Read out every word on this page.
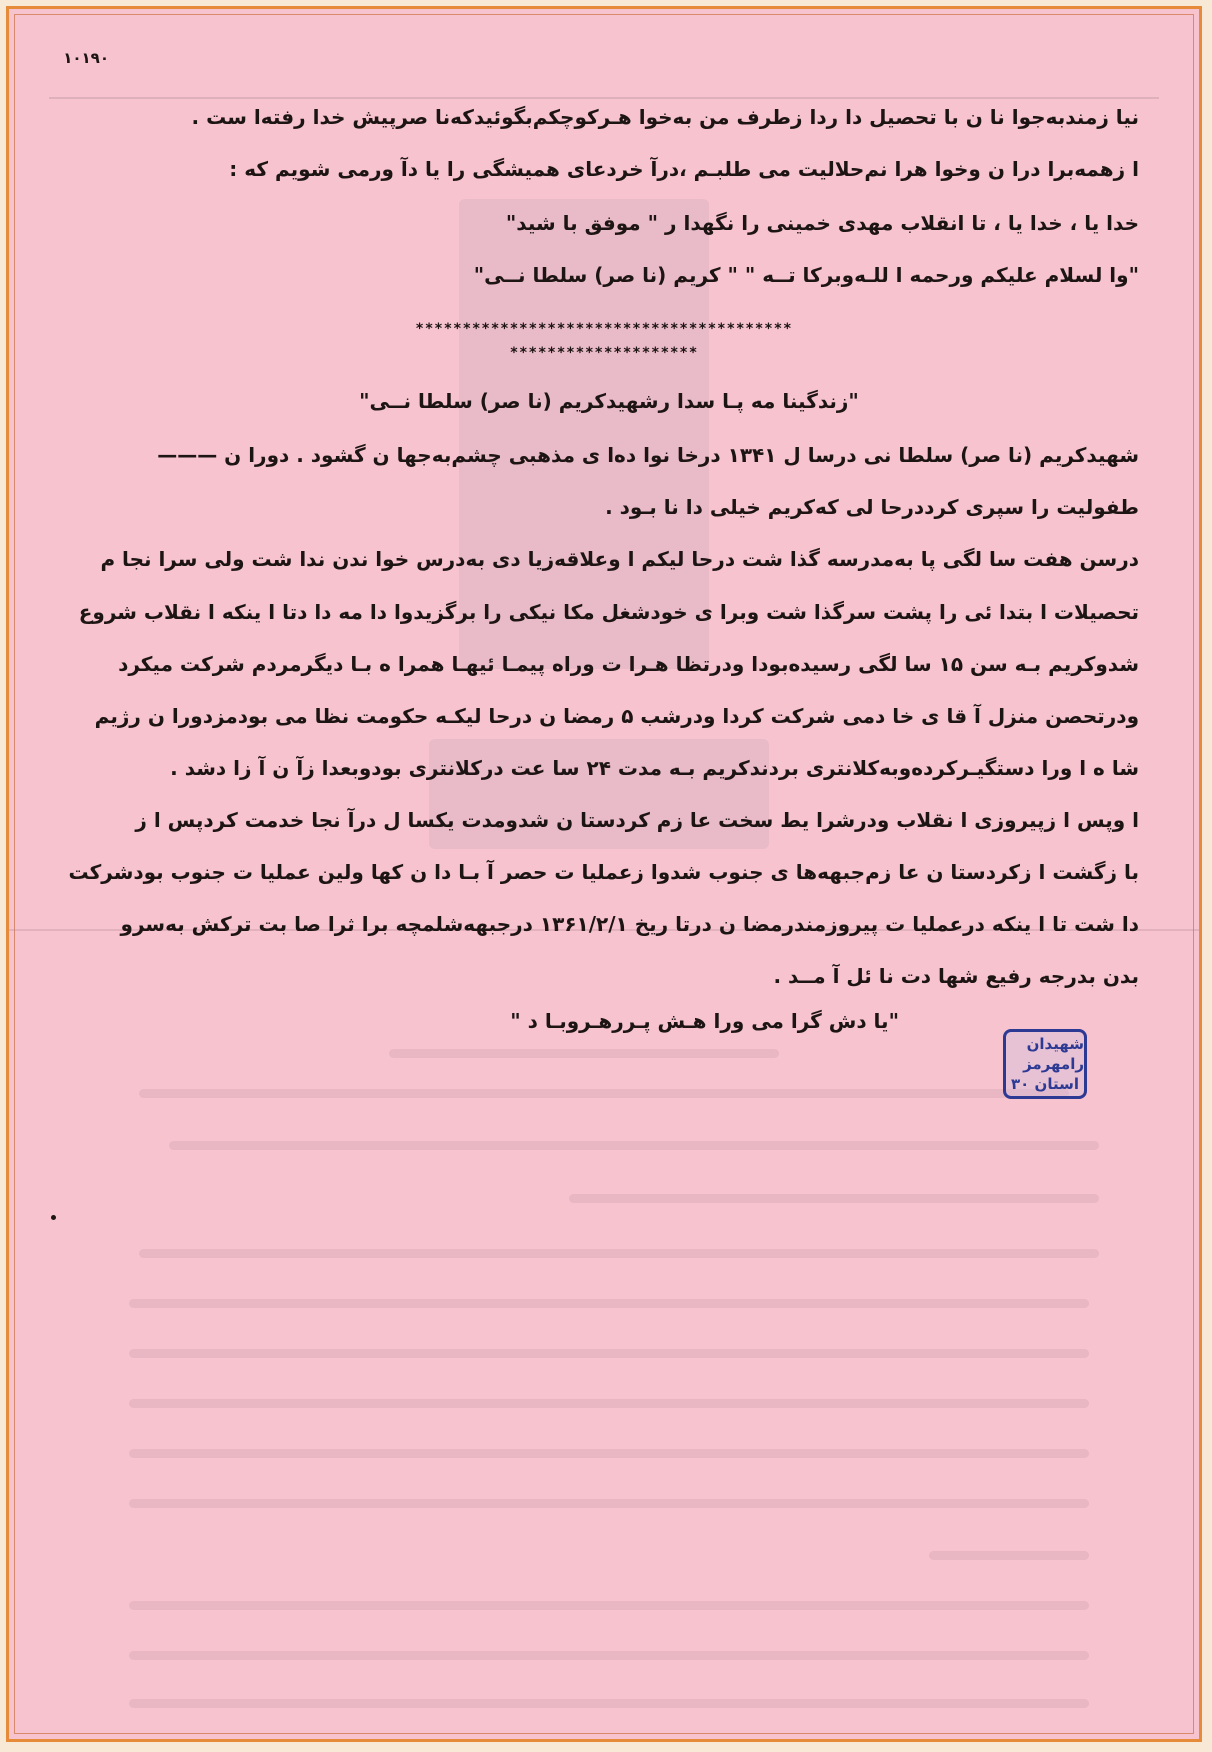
۱۰۱۹۰
نیا زمندبه‌جوا نا ن با تحصیل دا ردا زطرف من به‌خوا هـرکوچکم‌بگوئیدکه‌نا صرپیش خدا رفته‌ا ست .
ا زهمه‌برا درا ن وخوا هرا نم‌حلالیت می طلبـم ،درآ خردعای همیشگی را یا دآ ورمی شویم که :
خدا یا ، خدا یا ، تا انقلاب مهدی خمینی را نگهدا ر " موفق با شید"
"وا لسلام علیکم ورحمه ا للـه‌وبرکا تــه " " کریم (نا صر) سلطا نــی"
****************************************
********************
"زندگینا مه پـا سدا رشهیدکریم (نا صر) سلطا نــی"
شهیدکریم (نا صر) سلطا نی درسا ل ۱۳۴۱ درخا نوا ده‌ا ی مذهبی چشم‌به‌جها ن گشود . دورا ن ———
طفولیت را سپری کرددرحا لی که‌کریم خیلی دا نا بـود .
درسن هفت سا لگی پا به‌مدرسه گذا شت درحا لیکم ا وعلاقه‌زیا دی به‌درس خوا ندن ندا شت ولی سرا نجا م
تحصیلات ا بتدا ئی را پشت سرگذا شت وبرا ی خودشغل مکا نیکی را برگزیدوا دا مه دا دتا ا ینکه ا نقلاب شروع
شدوکریم بـه سن ۱۵ سا لگی رسیده‌بودا ودرتظا هـرا ت وراه پیمـا ئیهـا همرا ه بـا دیگرمردم شرکت میکرد
ودرتحصن منزل آ قا ی خا دمی شرکت کردا ودرشب ۵ رمضا ن درحا لیکـه حکومت نظا می بودمزدورا ن رژیم
شا ه ا ورا دستگیـرکرده‌وبه‌کلانتری بردندکریم بـه مدت ۲۴ سا عت درکلانتری بودوبعدا زآ ن آ زا دشد .
ا وپس ا زپیروزی ا نقلاب ودرشرا یط سخت عا زم کردستا ن شدومدت یکسا ل درآ نجا خدمت کردپس ا ز
با زگشت ا زکردستا ن عا زم‌جبهه‌ها ی جنوب شدوا زعملیا ت حصر آ بـا دا ن کها ولین عملیا ت جنوب بودشرکت
دا شت تا ا ینکه درعملیا ت پیروزمندرمضا ن درتا ریخ ۱۳۶۱/۲/۱ درجبهه‌شلمچه برا ثرا صا بت ترکش به‌سرو
بدن بدرجه رفیع شها دت نا ئل آ مــد .
"یا دش گرا می ورا هـش پـررهـروبـا د "
شهیدان رامهرمز
استان ۳۰
